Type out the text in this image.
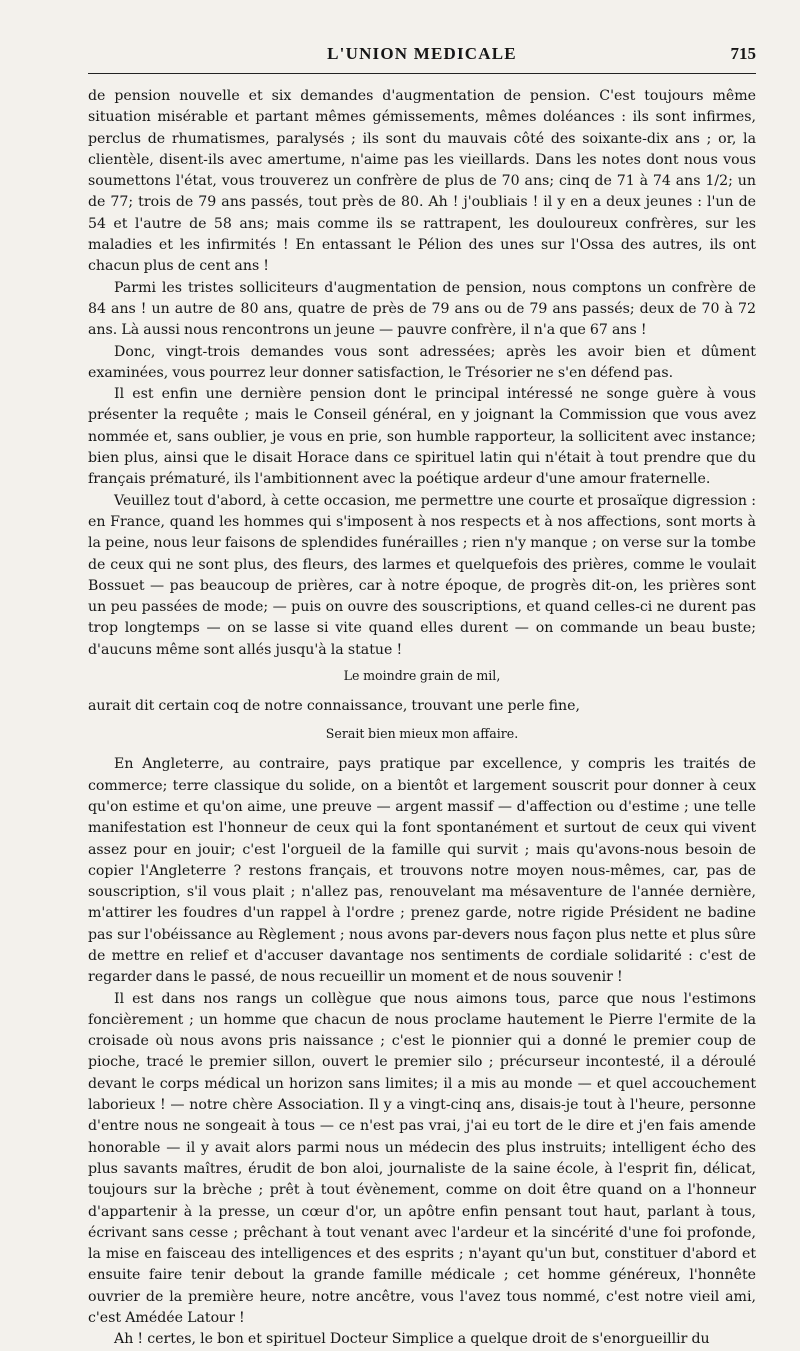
L'UNION MEDICALE	715

de pension nouvelle et six demandes d'augmentation de pension. C'est toujours même situation misérable et partant mêmes gémissements, mêmes doléances : ils sont infirmes, perclus de rhumatismes, paralysés ; ils sont du mauvais côté des soixante-dix ans ; or, la clientèle, disent-ils avec amertume, n'aime pas les vieillards. Dans les notes dont nous vous soumettons l'état, vous trouverez un confrère de plus de 70 ans; cinq de 71 à 74 ans 1/2; un de 77; trois de 79 ans passés, tout près de 80. Ah ! j'oubliais ! il y en a deux jeunes : l'un de 54 et l'autre de 58 ans; mais comme ils se rattrapent, les douloureux confrères, sur les maladies et les infirmités ! En entassant le Pélion des unes sur l'Ossa des autres, ils ont chacun plus de cent ans !

Parmi les tristes solliciteurs d'augmentation de pension, nous comptons un confrère de 84 ans ! un autre de 80 ans, quatre de près de 79 ans ou de 79 ans passés; deux de 70 à 72 ans. Là aussi nous rencontrons un jeune — pauvre confrère, il n'a que 67 ans !

Donc, vingt-trois demandes vous sont adressées; après les avoir bien et dûment examinées, vous pourrez leur donner satisfaction, le Trésorier ne s'en défend pas.

Il est enfin une dernière pension dont le principal intéressé ne songe guère à vous présenter la requête ; mais le Conseil général, en y joignant la Commission que vous avez nommée et, sans oublier, je vous en prie, son humble rapporteur, la sollicitent avec instance; bien plus, ainsi que le disait Horace dans ce spirituel latin qui n'était à tout prendre que du français prématuré, ils l'ambitionnent avec la poétique ardeur d'une amour fraternelle.

Veuillez tout d'abord, à cette occasion, me permettre une courte et prosaïque digression : en France, quand les hommes qui s'imposent à nos respects et à nos affections, sont morts à la peine, nous leur faisons de splendides funérailles ; rien n'y manque ; on verse sur la tombe de ceux qui ne sont plus, des fleurs, des larmes et quelquefois des prières, comme le voulait Bossuet — pas beaucoup de prières, car à notre époque, de progrès dit-on, les prières sont un peu passées de mode; — puis on ouvre des souscriptions, et quand celles-ci ne durent pas trop longtemps — on se lasse si vite quand elles durent — on commande un beau buste; d'aucuns même sont allés jusqu'à la statue !

Le moindre grain de mil,

aurait dit certain coq de notre connaissance, trouvant une perle fine,

Serait bien mieux mon affaire.

En Angleterre, au contraire, pays pratique par excellence, y compris les traités de commerce; terre classique du solide, on a bientôt et largement souscrit pour donner à ceux qu'on estime et qu'on aime, une preuve — argent massif — d'affection ou d'estime ; une telle manifestation est l'honneur de ceux qui la font spontanément et surtout de ceux qui vivent assez pour en jouir; c'est l'orgueil de la famille qui survit ; mais qu'avons-nous besoin de copier l'Angleterre ? restons français, et trouvons notre moyen nous-mêmes, car, pas de souscription, s'il vous plait ; n'allez pas, renouvelant ma mésaventure de l'année dernière, m'attirer les foudres d'un rappel à l'ordre ; prenez garde, notre rigide Président ne badine pas sur l'obéissance au Règlement ; nous avons par-devers nous façon plus nette et plus sûre de mettre en relief et d'accuser davantage nos sentiments de cordiale solidarité : c'est de regarder dans le passé, de nous recueillir un moment et de nous souvenir !

Il est dans nos rangs un collègue que nous aimons tous, parce que nous l'estimons foncièrement ; un homme que chacun de nous proclame hautement le Pierre l'ermite de la croisade où nous avons pris naissance ; c'est le pionnier qui a donné le premier coup de pioche, tracé le premier sillon, ouvert le premier silo ; précurseur incontesté, il a déroulé devant le corps médical un horizon sans limites; il a mis au monde — et quel accouchement laborieux ! — notre chère Association. Il y a vingt-cinq ans, disais-je tout à l'heure, personne d'entre nous ne songeait à tous — ce n'est pas vrai, j'ai eu tort de le dire et j'en fais amende honorable — il y avait alors parmi nous un médecin des plus instruits; intelligent écho des plus savants maîtres, érudit de bon aloi, journaliste de la saine école, à l'esprit fin, délicat, toujours sur la brèche ; prêt à tout évènement, comme on doit être quand on a l'honneur d'appartenir à la presse, un cœur d'or, un apôtre enfin pensant tout haut, parlant à tous, écrivant sans cesse ; prêchant à tout venant avec l'ardeur et la sincérité d'une foi profonde, la mise en faisceau des intelligences et des esprits ; n'ayant qu'un but, constituer d'abord et ensuite faire tenir debout la grande famille médicale ; cet homme généreux, l'honnête ouvrier de la première heure, notre ancêtre, vous l'avez tous nommé, c'est notre vieil ami, c'est Amédée Latour !

Ah ! certes, le bon et spirituel Docteur Simplice a quelque droit de s'enorgueillir du
